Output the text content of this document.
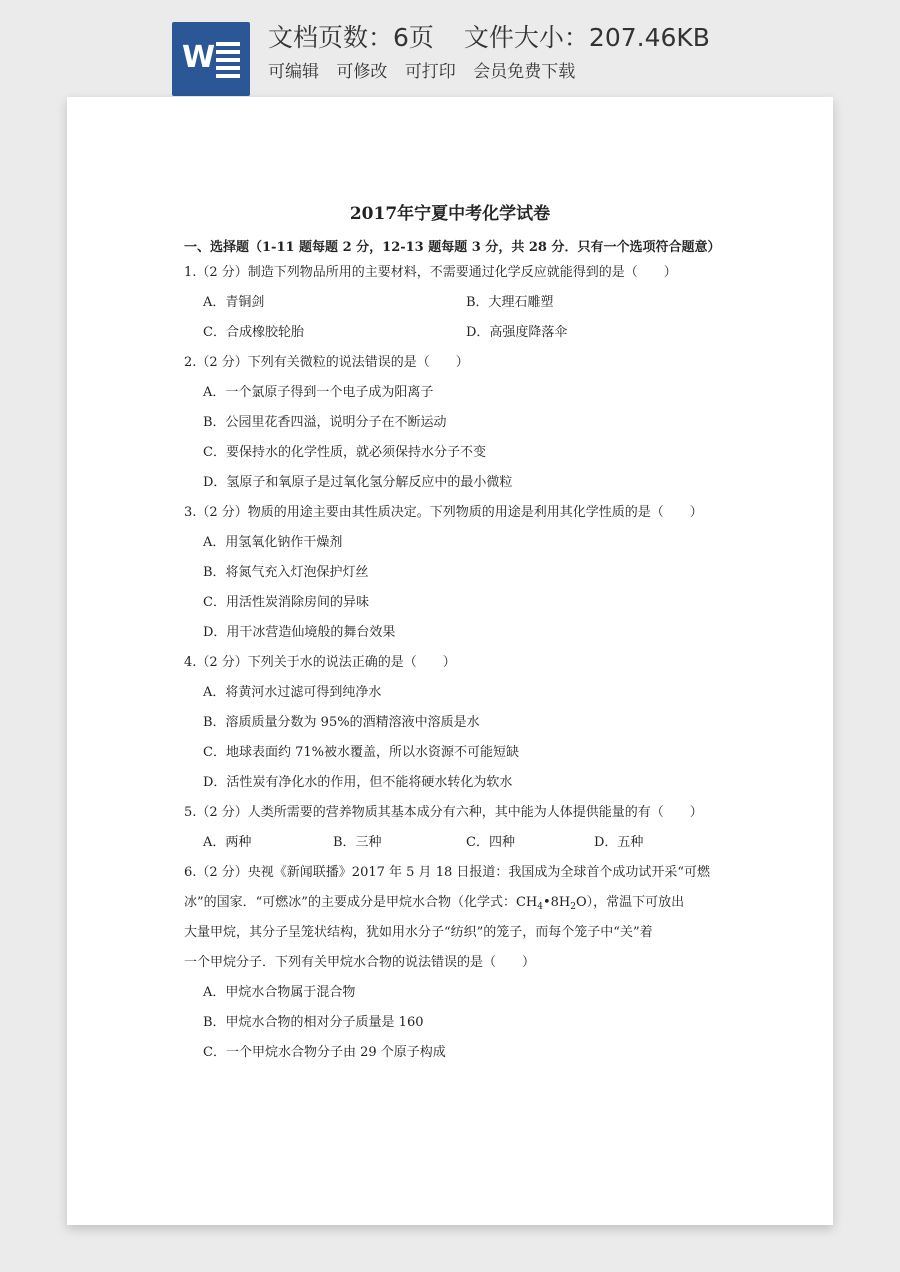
W
文档页数：6页 文件大小：207.46KB
可编辑 可修改 可打印 会员免费下载
2017年宁夏中考化学试卷
一、选择题（1-11 题每题 2 分，12-13 题每题 3 分，共 28 分．只有一个选项符合题意）
1.（2 分）制造下列物品所用的主要材料，不需要通过化学反应就能得到的是（　　）
A．青铜剑	B．大理石雕塑
C．合成橡胶轮胎	D．高强度降落伞
2.（2 分）下列有关微粒的说法错误的是（　　）
A．一个氯原子得到一个电子成为阳离子
B．公园里花香四溢，说明分子在不断运动
C．要保持水的化学性质，就必须保持水分子不变
D．氢原子和氧原子是过氧化氢分解反应中的最小微粒
3.（2 分）物质的用途主要由其性质决定。下列物质的用途是利用其化学性质的是（　　）
A．用氢氧化钠作干燥剂
B．将氮气充入灯泡保护灯丝
C．用活性炭消除房间的异味
D．用干冰营造仙境般的舞台效果
4.（2 分）下列关于水的说法正确的是（　　）
A．将黄河水过滤可得到纯净水
B．溶质质量分数为 95%的酒精溶液中溶质是水
C．地球表面约 71%被水覆盖，所以水资源不可能短缺
D．活性炭有净化水的作用，但不能将硬水转化为软水
5.（2 分）人类所需要的营养物质其基本成分有六种，其中能为人体提供能量的有（　　）
A．两种	B．三种	C．四种	D．五种
6.（2 分）央视《新闻联播》2017 年 5 月 18 日报道：我国成为全球首个成功试开采“可燃
冰”的国家．“可燃冰”的主要成分是甲烷水合物（化学式：$CH_4•8H_2O$），常温下可放出
大量甲烷，其分子呈笼状结构，犹如用水分子“纺织”的笼子，而每个笼子中“关”着
一个甲烷分子．下列有关甲烷水合物的说法错误的是（　　）
A．甲烷水合物属于混合物
B．甲烷水合物的相对分子质量是 160
C．一个甲烷水合物分子由 29 个原子构成
